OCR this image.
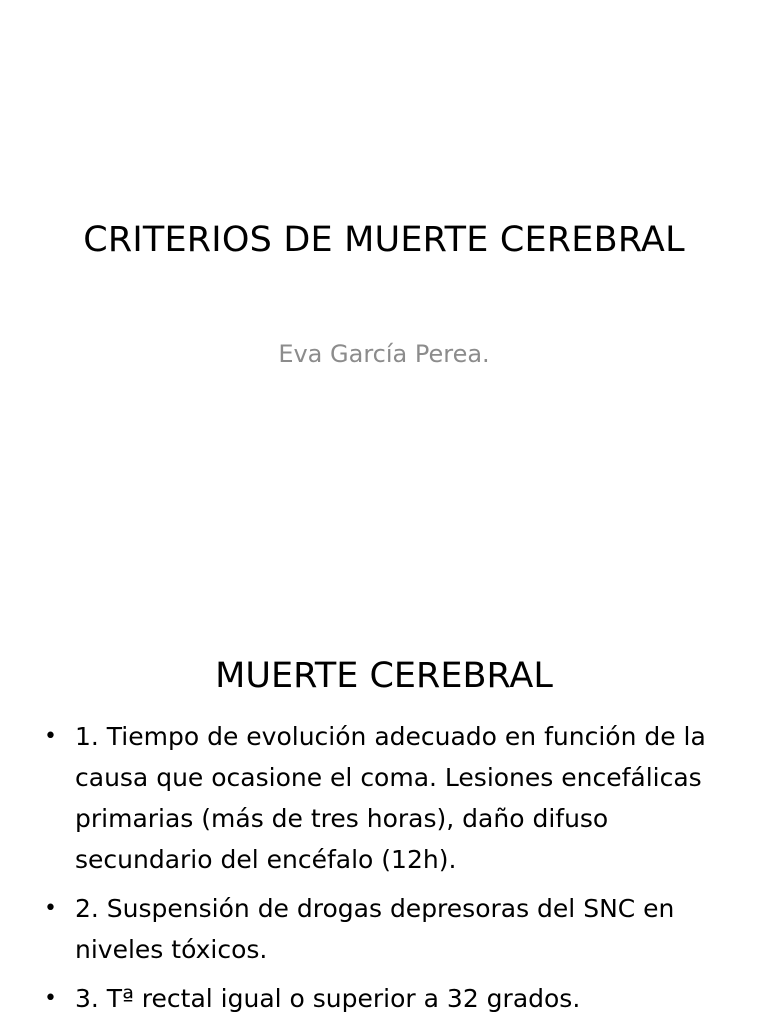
CRITERIOS DE MUERTE CEREBRAL
Eva García Perea.
MUERTE CEREBRAL
• 1. Tiempo de evolución adecuado en función de la causa que ocasione el coma. Lesiones encefálicas primarias (más de tres horas), daño difuso secundario del encéfalo (12h).
• 2. Suspensión de drogas depresoras del SNC en niveles tóxicos.
• 3. Tª rectal igual o superior a 32 grados.
